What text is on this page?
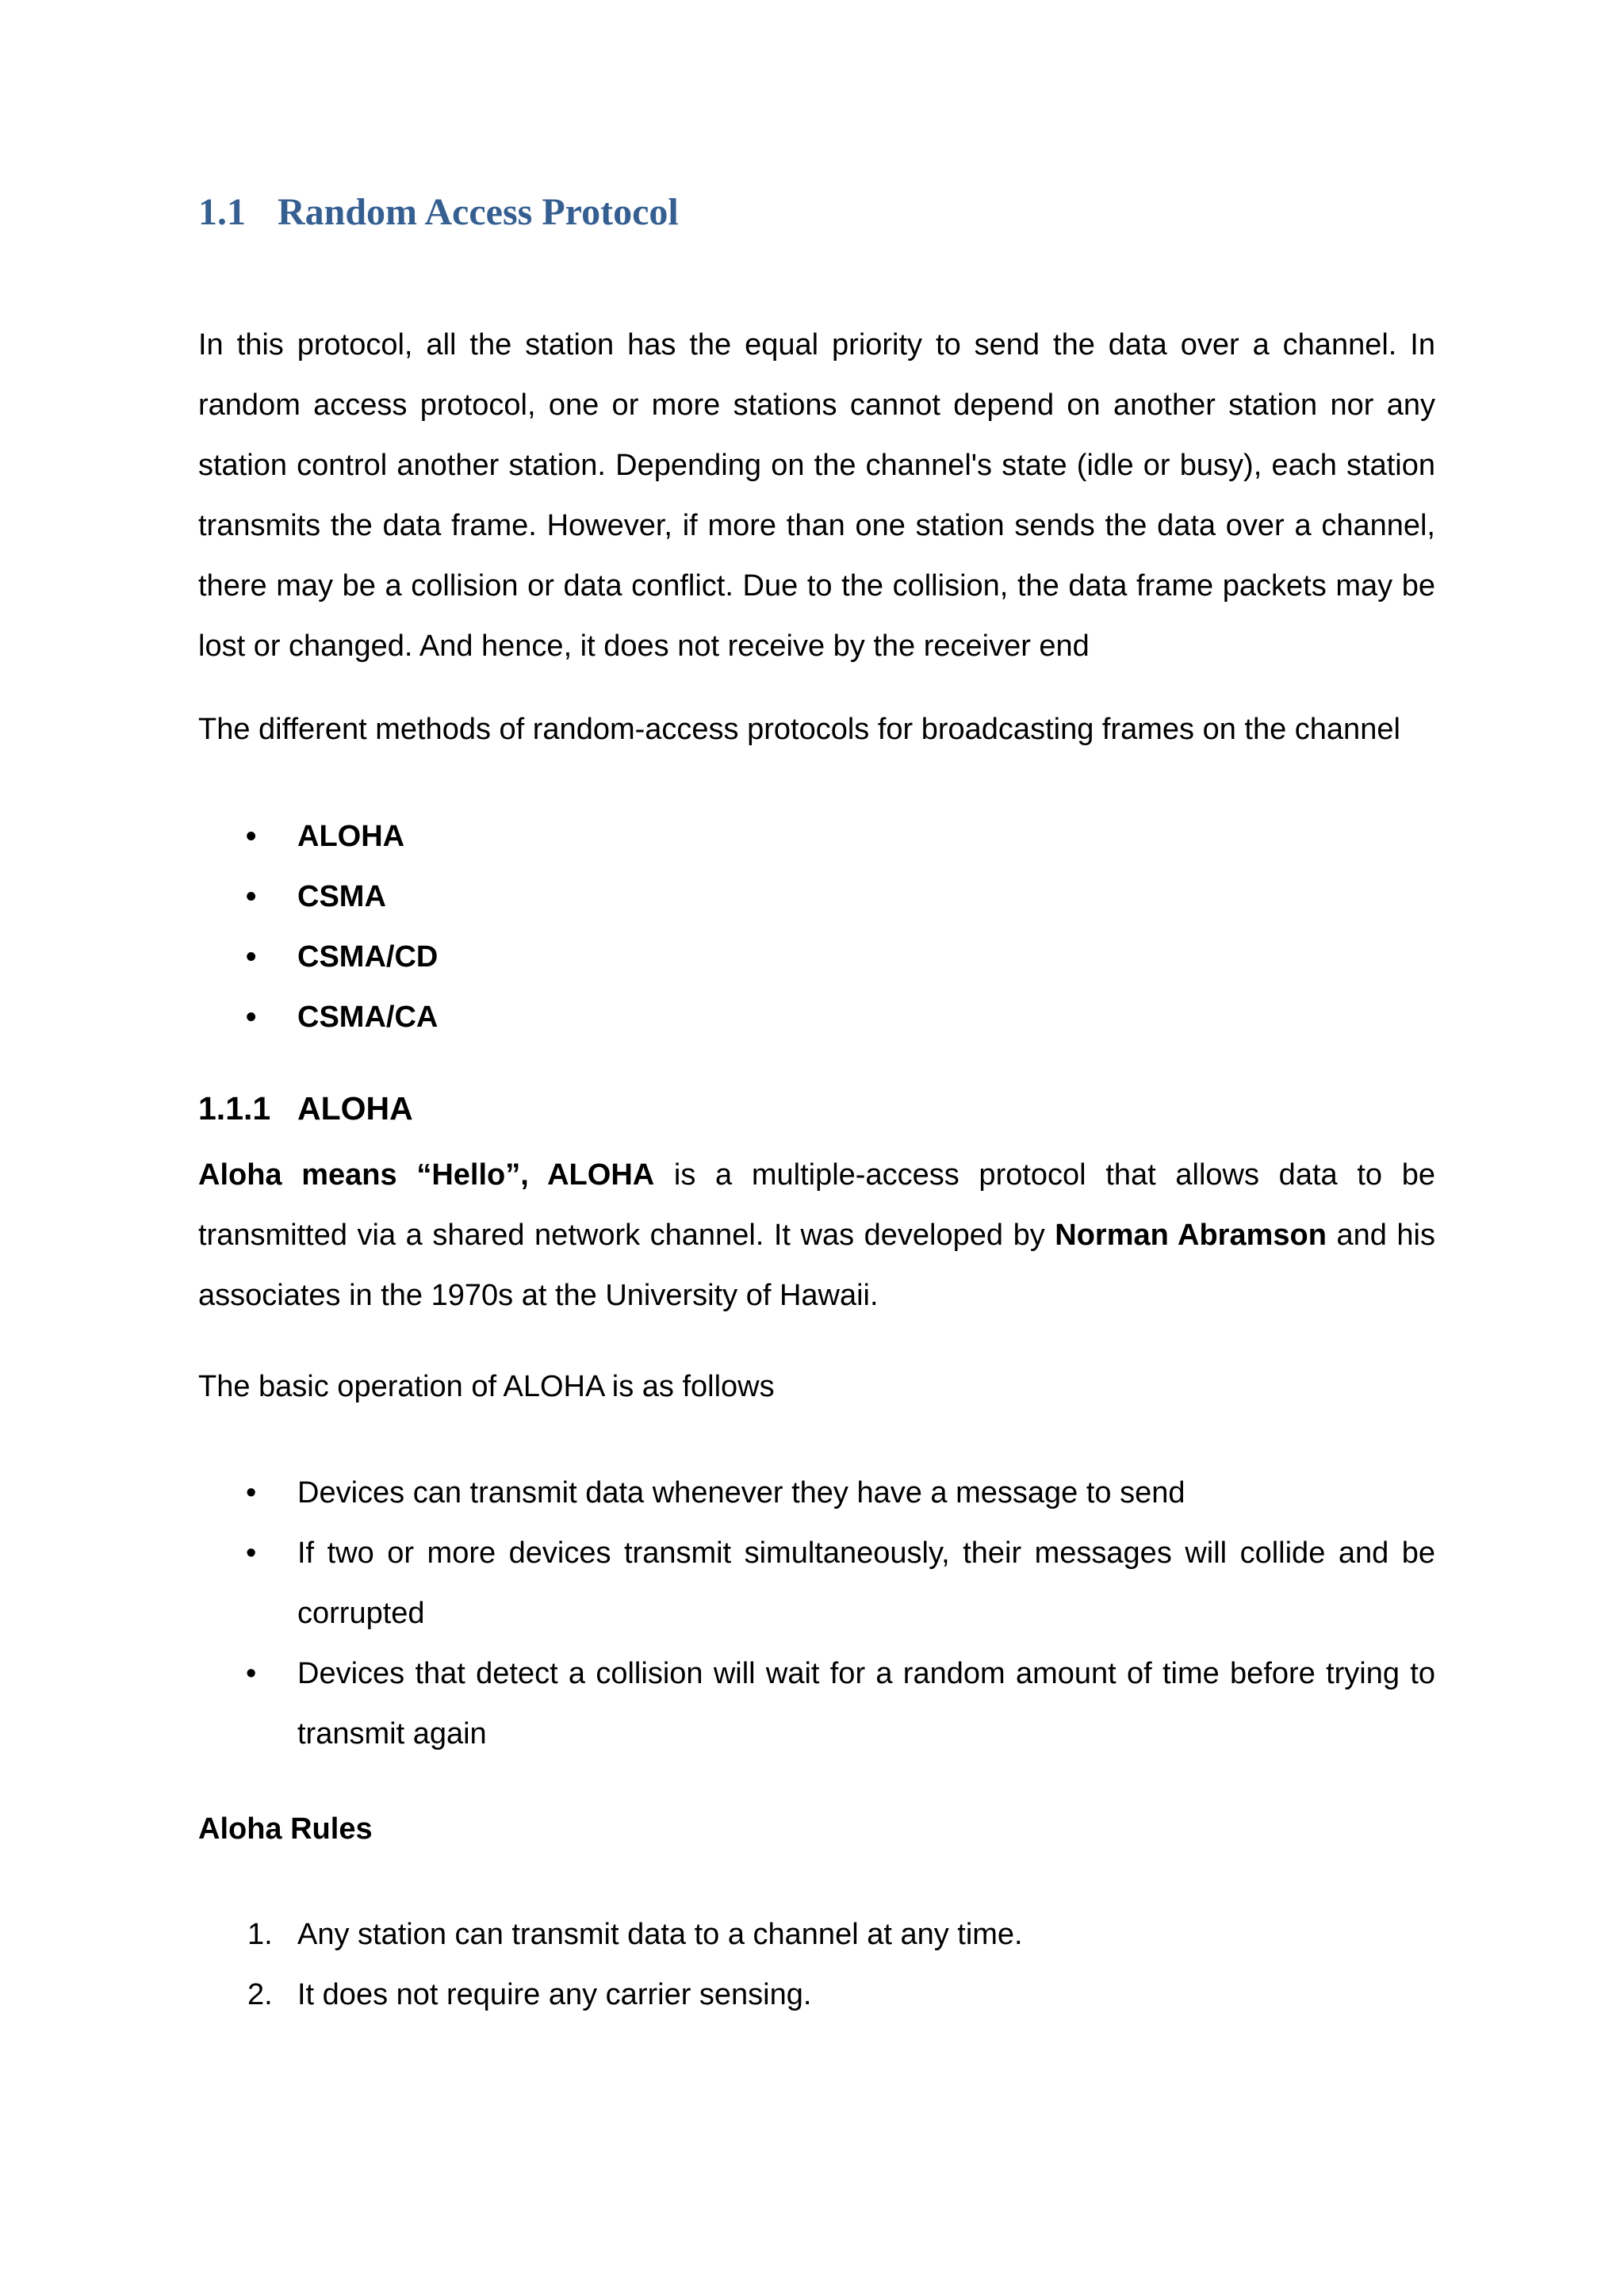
1.1 Random Access Protocol

In this protocol, all the station has the equal priority to send the data over a channel. In random access protocol, one or more stations cannot depend on another station nor any station control another station. Depending on the channel's state (idle or busy), each station transmits the data frame. However, if more than one station sends the data over a channel, there may be a collision or data conflict. Due to the collision, the data frame packets may be lost or changed. And hence, it does not receive by the receiver end

The different methods of random-access protocols for broadcasting frames on the channel

• ALOHA
• CSMA
• CSMA/CD
• CSMA/CA
1.1.1 ALOHA

Aloha means “Hello”, ALOHA is a multiple-access protocol that allows data to be transmitted via a shared network channel. It was developed by Norman Abramson and his associates in the 1970s at the University of Hawaii.

The basic operation of ALOHA is as follows

• Devices can transmit data whenever they have a message to send
• If two or more devices transmit simultaneously, their messages will collide and be corrupted
• Devices that detect a collision will wait for a random amount of time before trying to transmit again

Aloha Rules

1. Any station can transmit data to a channel at any time.
2. It does not require any carrier sensing.
